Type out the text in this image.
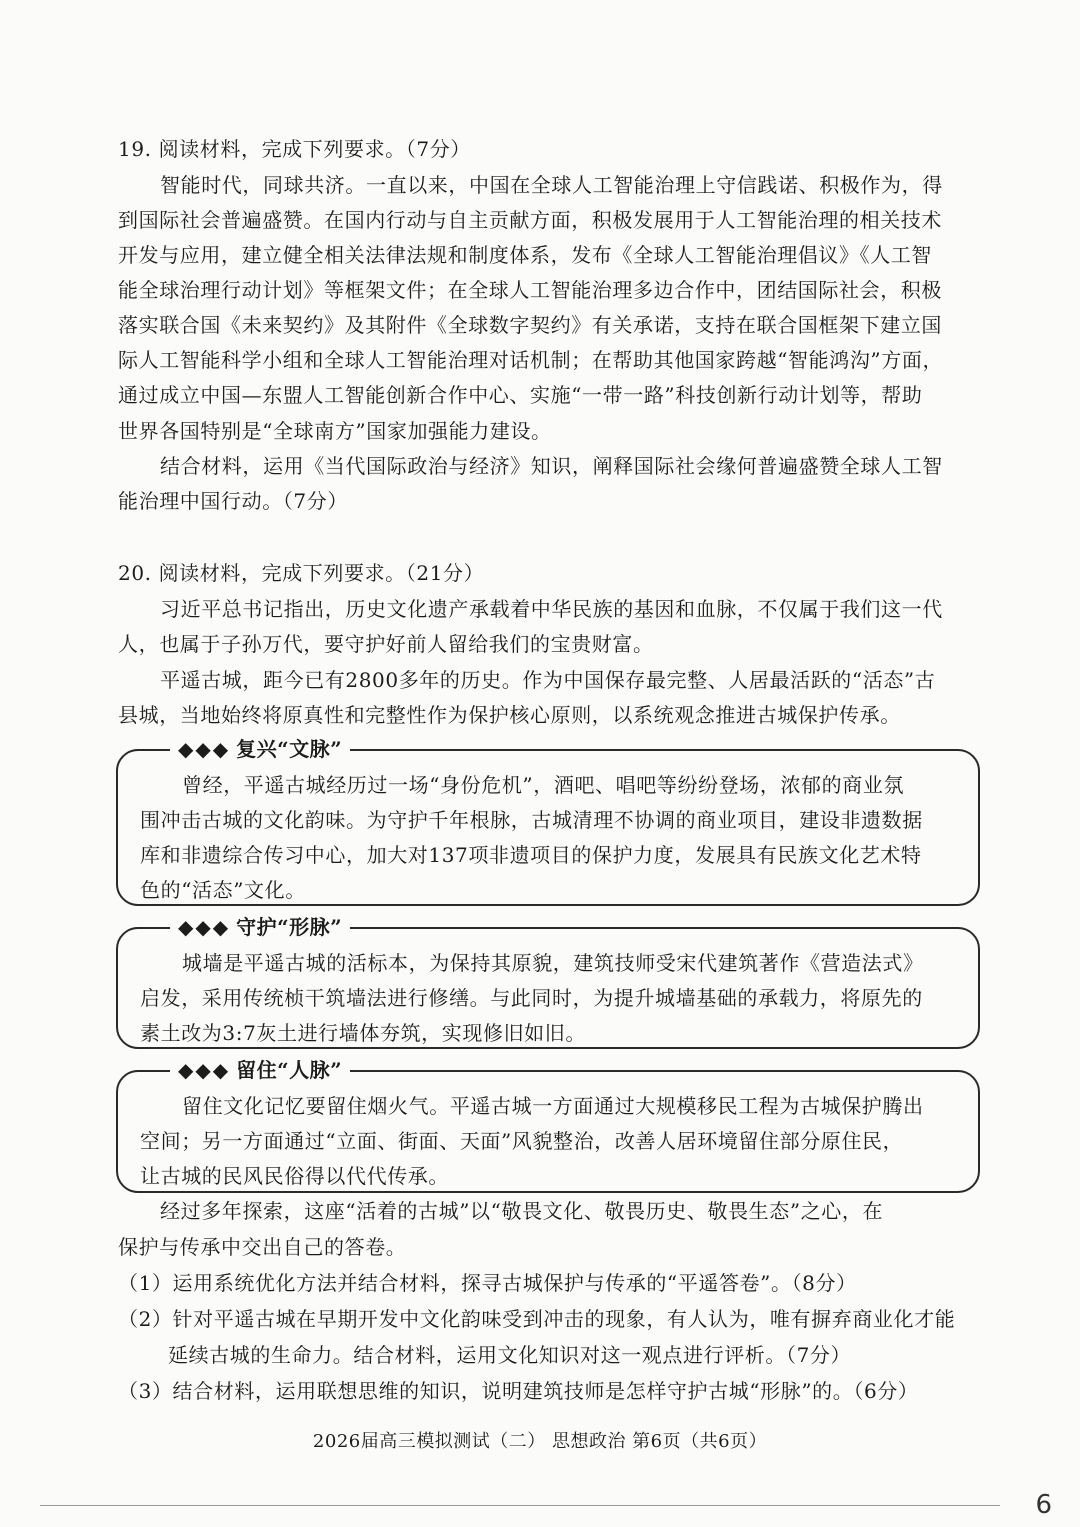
19. 阅读材料，完成下列要求。（7分）
智能时代，同球共济。一直以来，中国在全球人工智能治理上守信践诺、积极作为，得
到国际社会普遍盛赞。在国内行动与自主贡献方面，积极发展用于人工智能治理的相关技术
开发与应用，建立健全相关法律法规和制度体系，发布《全球人工智能治理倡议》《人工智
能全球治理行动计划》等框架文件；在全球人工智能治理多边合作中，团结国际社会，积极
落实联合国《未来契约》及其附件《全球数字契约》有关承诺，支持在联合国框架下建立国
际人工智能科学小组和全球人工智能治理对话机制；在帮助其他国家跨越“智能鸿沟”方面，
通过成立中国—东盟人工智能创新合作中心、实施“一带一路”科技创新行动计划等，帮助
世界各国特别是“全球南方”国家加强能力建设。
结合材料，运用《当代国际政治与经济》知识，阐释国际社会缘何普遍盛赞全球人工智
能治理中国行动。（7分）
20. 阅读材料，完成下列要求。（21分）
习近平总书记指出，历史文化遗产承载着中华民族的基因和血脉，不仅属于我们这一代
人，也属于子孙万代，要守护好前人留给我们的宝贵财富。
平遥古城，距今已有2800多年的历史。作为中国保存最完整、人居最活跃的“活态”古
县城，当地始终将原真性和完整性作为保护核心原则，以系统观念推进古城保护传承。
◆◆◆ 复兴“文脉”
曾经，平遥古城经历过一场“身份危机”，酒吧、唱吧等纷纷登场，浓郁的商业氛
围冲击古城的文化韵味。为守护千年根脉，古城清理不协调的商业项目，建设非遗数据
库和非遗综合传习中心，加大对137项非遗项目的保护力度，发展具有民族文化艺术特
色的“活态”文化。
◆◆◆ 守护“形脉”
城墙是平遥古城的活标本，为保持其原貌，建筑技师受宋代建筑著作《营造法式》
启发，采用传统桢干筑墙法进行修缮。与此同时，为提升城墙基础的承载力，将原先的
素土改为3:7灰土进行墙体夯筑，实现修旧如旧。
◆◆◆ 留住“人脉”
留住文化记忆要留住烟火气。平遥古城一方面通过大规模移民工程为古城保护腾出
空间；另一方面通过“立面、街面、天面”风貌整治，改善人居环境留住部分原住民，
让古城的民风民俗得以代代传承。
经过多年探索，这座“活着的古城”以“敬畏文化、敬畏历史、敬畏生态”之心，在
保护与传承中交出自己的答卷。
（1）运用系统优化方法并结合材料，探寻古城保护与传承的“平遥答卷”。（8分）
（2）针对平遥古城在早期开发中文化韵味受到冲击的现象，有人认为，唯有摒弃商业化才能
延续古城的生命力。结合材料，运用文化知识对这一观点进行评析。（7分）
（3）结合材料，运用联想思维的知识，说明建筑技师是怎样守护古城“形脉”的。（6分）
2026届高三模拟测试（二） 思想政治 第6页（共6页）
6
